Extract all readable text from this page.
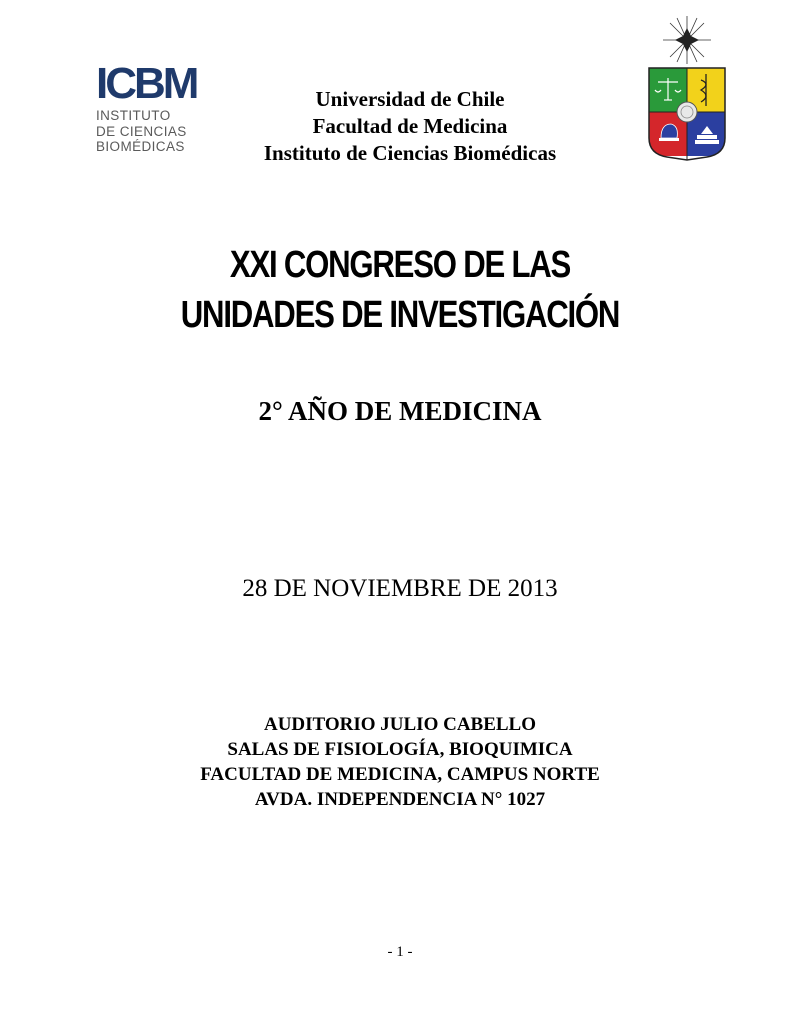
ICBM
INSTITUTO
DE CIENCIAS
BIOMÉDICAS
Universidad de Chile
Facultad de Medicina
Instituto de Ciencias Biomédicas
XXI CONGRESO DE LAS
UNIDADES DE INVESTIGACIÓN
2° AÑO DE MEDICINA
28 DE NOVIEMBRE DE 2013
AUDITORIO JULIO CABELLO
SALAS DE FISIOLOGÍA, BIOQUIMICA
FACULTAD DE MEDICINA, CAMPUS NORTE
AVDA. INDEPENDENCIA N° 1027
- 1 -
